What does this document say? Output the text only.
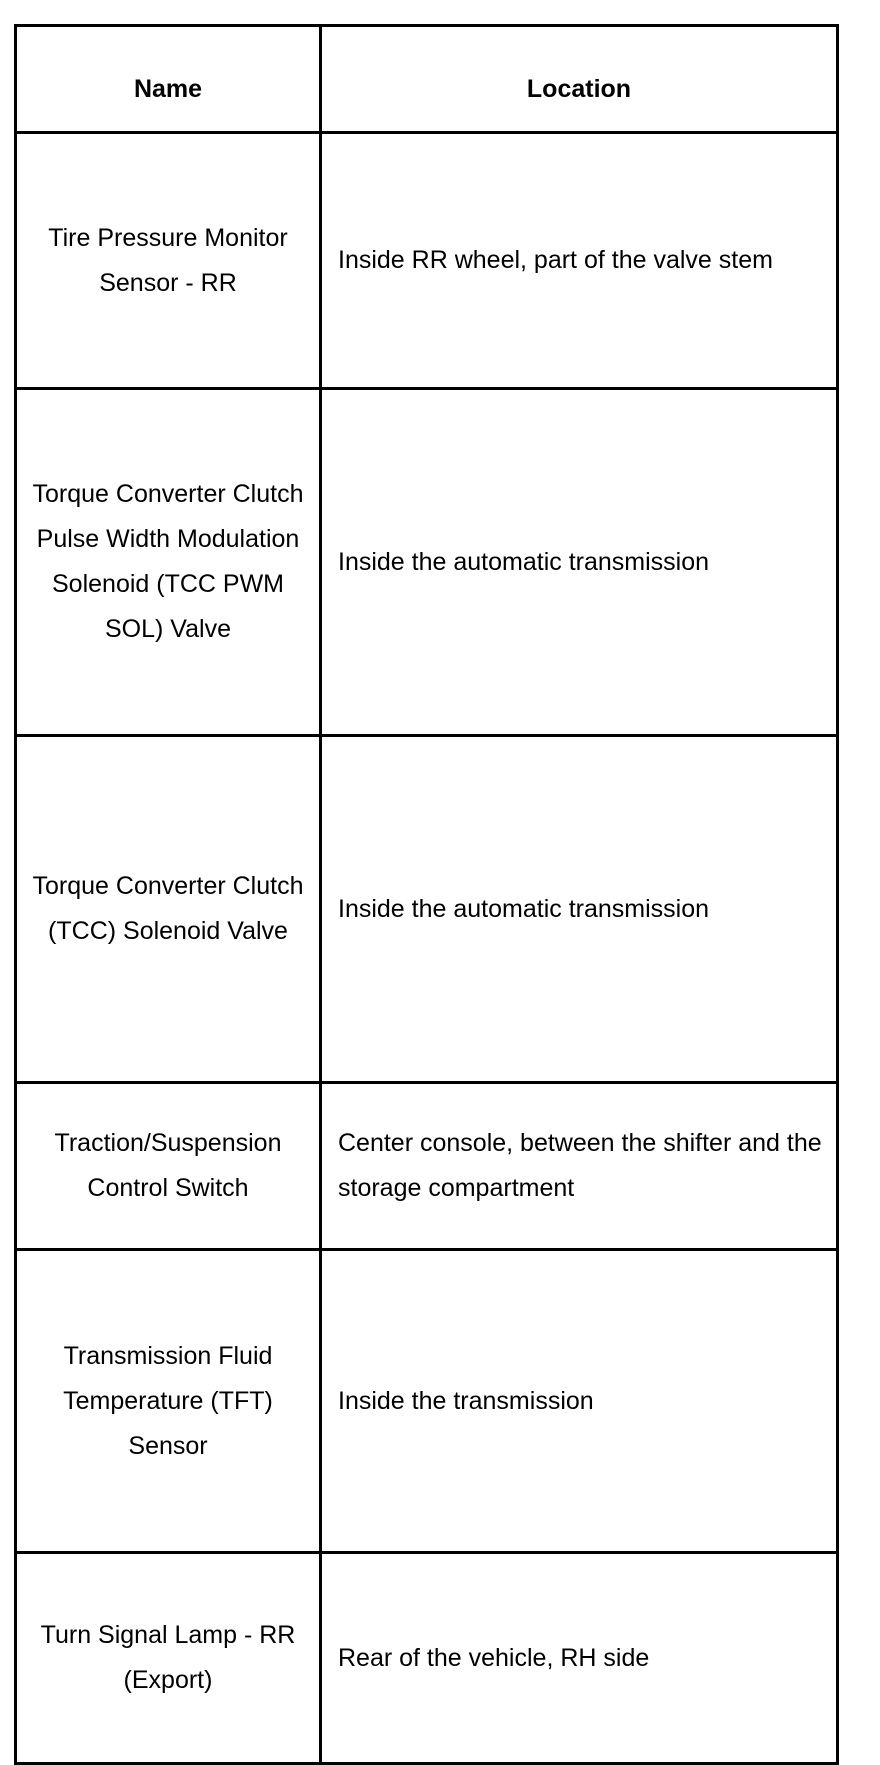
Name	Location
Tire Pressure Monitor Sensor - RR	Inside RR wheel, part of the valve stem
Torque Converter Clutch Pulse Width Modulation Solenoid (TCC PWM SOL) Valve	Inside the automatic transmission
Torque Converter Clutch (TCC) Solenoid Valve	Inside the automatic transmission
Traction/Suspension Control Switch	Center console, between the shifter and the storage compartment
Transmission Fluid Temperature (TFT) Sensor	Inside the transmission
Turn Signal Lamp - RR (Export)	Rear of the vehicle, RH side
